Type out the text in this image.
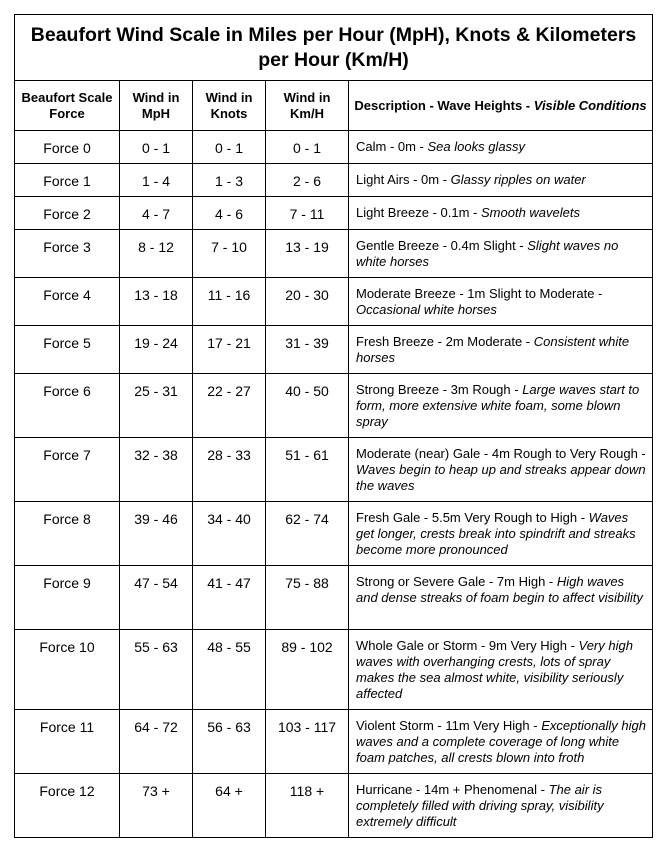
Beaufort Wind Scale in Miles per Hour (MpH), Knots & Kilometers per Hour (Km/H)				
Beaufort Scale Force	Wind in MpH	Wind in Knots	Wind in Km/H	Description - Wave Heights - Visible Conditions
Force 0	0 - 1	0 - 1	0 - 1	Calm - 0m - Sea looks glassy
Force 1	1 - 4	1 - 3	2 - 6	Light Airs - 0m - Glassy ripples on water
Force 2	4 - 7	4 - 6	7 - 11	Light Breeze - 0.1m - Smooth wavelets
Force 3	8 - 12	7 - 10	13 - 19	Gentle Breeze - 0.4m Slight - Slight waves no white horses
Force 4	13 - 18	11 - 16	20 - 30	Moderate Breeze - 1m Slight to Moderate - Occasional white horses
Force 5	19 - 24	17 - 21	31 - 39	Fresh Breeze - 2m Moderate - Consistent white horses
Force 6	25 - 31	22 - 27	40 - 50	Strong Breeze - 3m Rough - Large waves start to form, more extensive white foam, some blown spray
Force 7	32 - 38	28 - 33	51 - 61	Moderate (near) Gale - 4m Rough to Very Rough - Waves begin to heap up and streaks appear down the waves
Force 8	39 - 46	34 - 40	62 - 74	Fresh Gale - 5.5m Very Rough to High - Waves get longer, crests break into spindrift and streaks become more pronounced
Force 9	47 - 54	41 - 47	75 - 88	Strong or Severe Gale - 7m High - High waves and dense streaks of foam begin to affect visibility
Force 10	55 - 63	48 - 55	89 - 102	Whole Gale or Storm - 9m Very High - Very high waves with overhanging crests, lots of spray makes the sea almost white, visibility seriously affected
Force 11	64 - 72	56 - 63	103 - 117	Violent Storm - 11m Very High - Exceptionally high waves and a complete coverage of long white foam patches, all crests blown into froth
Force 12	73 +	64 +	118 +	Hurricane - 14m + Phenomenal - The air is completely filled with driving spray, visibility extremely difficult
